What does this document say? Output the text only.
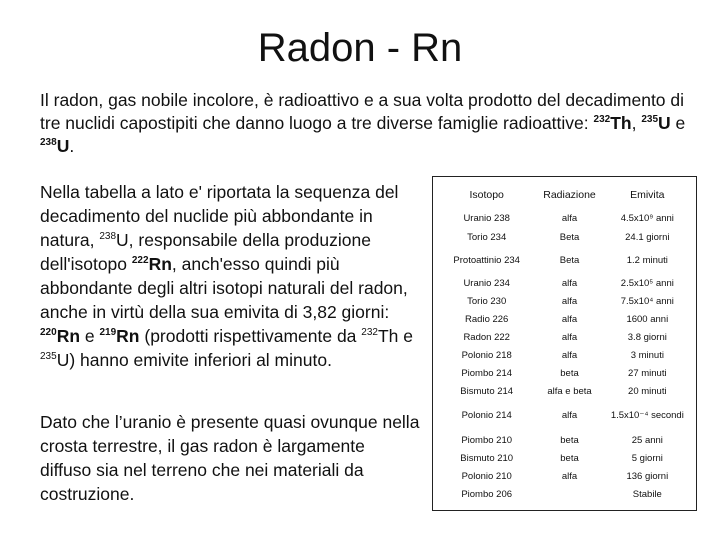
Radon - Rn
Il radon, gas nobile incolore, è radioattivo e a sua volta prodotto del decadimento di tre nuclidi capostipiti che danno luogo a tre diverse famiglie radioattive: $^{232}$Th, $^{235}$U e $^{238}$U.
Nella tabella a lato e' riportata la sequenza del decadimento del nuclide più abbondante in natura, $^{238}$U, responsabile della produzione dell'isotopo $^{222}$Rn, anch'esso quindi più abbondante degli altri isotopi naturali del radon, anche in virtù della sua emivita di 3,82 giorni: $^{220}$Rn e $^{219}$Rn (prodotti rispettivamente da $^{232}$Th e $^{235}$U) hanno emivite inferiori al minuto.
Dato che l’uranio è presente quasi ovunque nella crosta terrestre, il gas radon è largamente diffuso sia nel terreno che nei materiali da costruzione.
Isotopo	Radiazione	Emivita
Uranio 238	alfa	4.5x10⁹ anni
Torio 234	Beta	24.1 giorni
Protoattinio 234	Beta	1.2 minuti
Uranio 234	alfa	2.5x10⁵ anni
Torio 230	alfa	7.5x10⁴ anni
Radio 226	alfa	1600 anni
Radon 222	alfa	3.8 giorni
Polonio 218	alfa	3 minuti
Piombo 214	beta	27 minuti
Bismuto 214	alfa e beta	20 minuti
Polonio 214	alfa	1.5x10⁻⁴ secondi
Piombo 210	beta	25 anni
Bismuto 210	beta	5 giorni
Polonio 210	alfa	136 giorni
Piombo 206		Stabile
